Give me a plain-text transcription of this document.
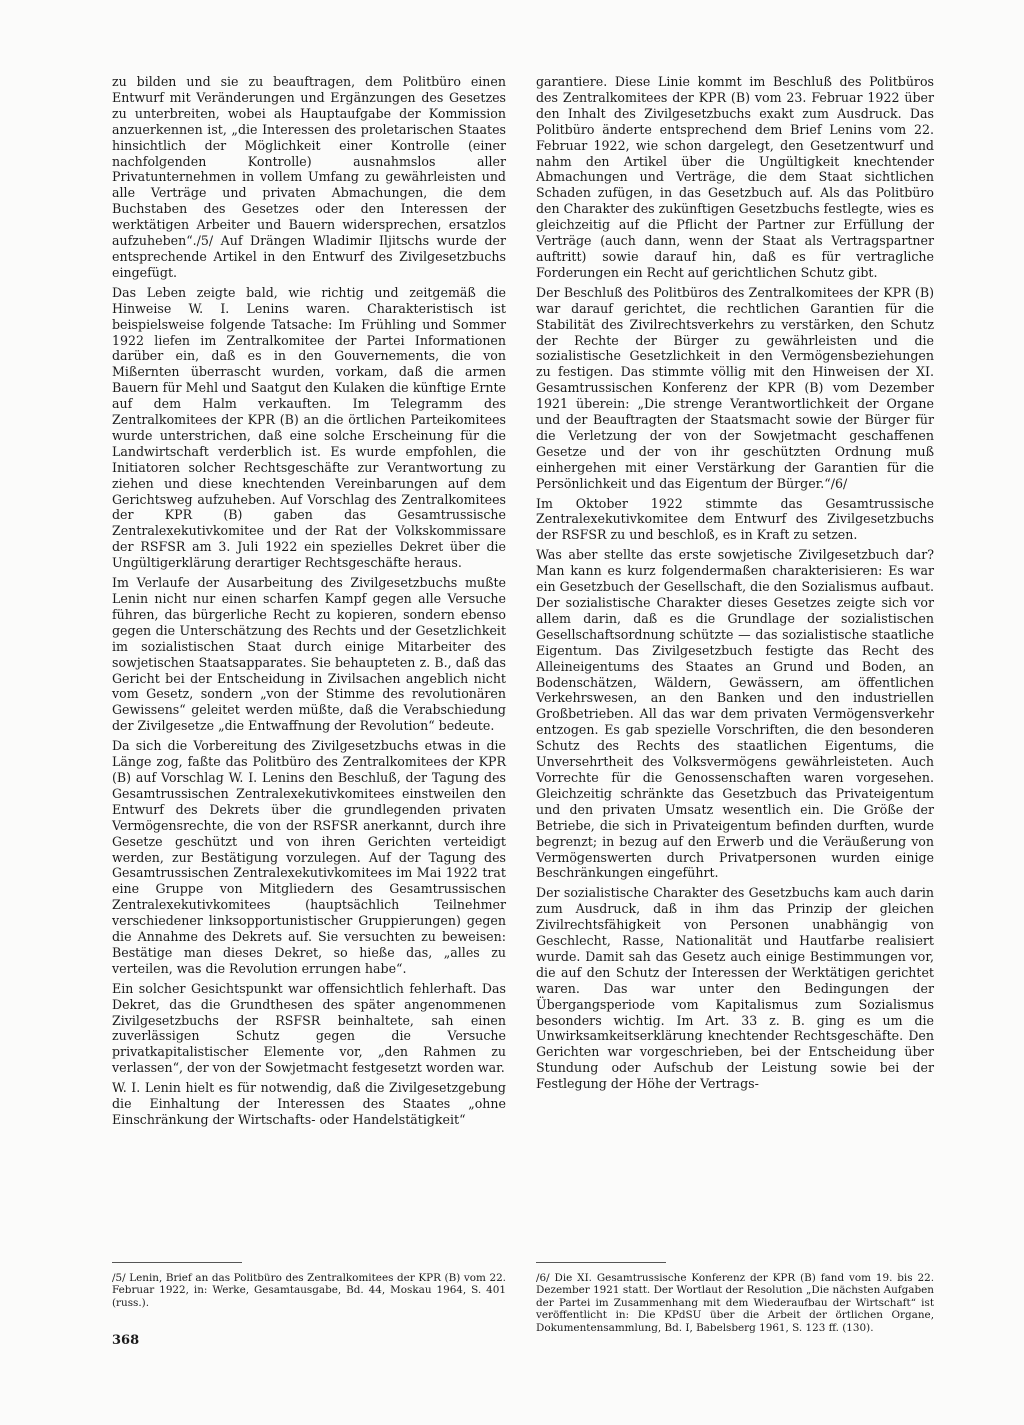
zu bilden und sie zu beauftragen, dem Politbüro einen Entwurf mit Veränderungen und Ergänzungen des Gesetzes zu unterbreiten, wobei als Hauptaufgabe der Kommission anzuerkennen ist, „die Interessen des proletarischen Staates hinsichtlich der Möglichkeit einer Kontrolle (einer nachfolgenden Kontrolle) ausnahmslos aller Privatunternehmen in vollem Umfang zu gewährleisten und alle Verträge und privaten Abmachungen, die dem Buchstaben des Gesetzes oder den Interessen der werktätigen Arbeiter und Bauern widersprechen, ersatzlos aufzuheben“./5/ Auf Drängen Wladimir Iljitschs wurde der entsprechende Artikel in den Entwurf des Zivilgesetzbuchs eingefügt.

Das Leben zeigte bald, wie richtig und zeitgemäß die Hinweise W. I. Lenins waren. Charakteristisch ist beispielsweise folgende Tatsache: Im Frühling und Sommer 1922 liefen im Zentralkomitee der Partei Informationen darüber ein, daß es in den Gouvernements, die von Mißernten überrascht wurden, vorkam, daß die armen Bauern für Mehl und Saatgut den Kulaken die künftige Ernte auf dem Halm verkauften. Im Telegramm des Zentralkomitees der KPR (B) an die örtlichen Parteikomitees wurde unterstrichen, daß eine solche Erscheinung für die Landwirtschaft verderblich ist. Es wurde empfohlen, die Initiatoren solcher Rechtsgeschäfte zur Verantwortung zu ziehen und diese knechtenden Vereinbarungen auf dem Gerichtsweg aufzuheben. Auf Vorschlag des Zentralkomitees der KPR (B) gaben das Gesamtrussische Zentralexekutivkomitee und der Rat der Volkskommissare der RSFSR am 3. Juli 1922 ein spezielles Dekret über die Ungültigerklärung derartiger Rechtsgeschäfte heraus.

Im Verlaufe der Ausarbeitung des Zivilgesetzbuchs mußte Lenin nicht nur einen scharfen Kampf gegen alle Versuche führen, das bürgerliche Recht zu kopieren, sondern ebenso gegen die Unterschätzung des Rechts und der Gesetzlichkeit im sozialistischen Staat durch einige Mitarbeiter des sowjetischen Staatsapparates. Sie behaupteten z. B., daß das Gericht bei der Entscheidung in Zivilsachen angeblich nicht vom Gesetz, sondern „von der Stimme des revolutionären Gewissens“ geleitet werden müßte, daß die Verabschiedung der Zivilgesetze „die Entwaffnung der Revolution“ bedeute.

Da sich die Vorbereitung des Zivilgesetzbuchs etwas in die Länge zog, faßte das Politbüro des Zentralkomitees der KPR (B) auf Vorschlag W. I. Lenins den Beschluß, der Tagung des Gesamtrussischen Zentralexekutivkomitees einstweilen den Entwurf des Dekrets über die grundlegenden privaten Vermögensrechte, die von der RSFSR anerkannt, durch ihre Gesetze geschützt und von ihren Gerichten verteidigt werden, zur Bestätigung vorzulegen. Auf der Tagung des Gesamtrussischen Zentralexekutivkomitees im Mai 1922 trat eine Gruppe von Mitgliedern des Gesamtrussischen Zentralexekutivkomitees (hauptsächlich Teilnehmer verschiedener linksopportunistischer Gruppierungen) gegen die Annahme des Dekrets auf. Sie versuchten zu beweisen: Bestätige man dieses Dekret, so hieße das, „alles zu verteilen, was die Revolution errungen habe“.

Ein solcher Gesichtspunkt war offensichtlich fehlerhaft. Das Dekret, das die Grundthesen des später angenommenen Zivilgesetzbuchs der RSFSR beinhaltete, sah einen zuverlässigen Schutz gegen die Versuche privatkapitalistischer Elemente vor, „den Rahmen zu verlassen“, der von der Sowjetmacht festgesetzt worden war.

W. I. Lenin hielt es für notwendig, daß die Zivilgesetzgebung die Einhaltung der Interessen des Staates „ohne Einschränkung der Wirtschafts- oder Handelstätigkeit“

garantiere. Diese Linie kommt im Beschluß des Politbüros des Zentralkomitees der KPR (B) vom 23. Februar 1922 über den Inhalt des Zivilgesetzbuchs exakt zum Ausdruck. Das Politbüro änderte entsprechend dem Brief Lenins vom 22. Februar 1922, wie schon dargelegt, den Gesetzentwurf und nahm den Artikel über die Ungültigkeit knechtender Abmachungen und Verträge, die dem Staat sichtlichen Schaden zufügen, in das Gesetzbuch auf. Als das Politbüro den Charakter des zukünftigen Gesetzbuchs festlegte, wies es gleichzeitig auf die Pflicht der Partner zur Erfüllung der Verträge (auch dann, wenn der Staat als Vertragspartner auftritt) sowie darauf hin, daß es für vertragliche Forderungen ein Recht auf gerichtlichen Schutz gibt.

Der Beschluß des Politbüros des Zentralkomitees der KPR (B) war darauf gerichtet, die rechtlichen Garantien für die Stabilität des Zivilrechtsverkehrs zu verstärken, den Schutz der Rechte der Bürger zu gewährleisten und die sozialistische Gesetzlichkeit in den Vermögensbeziehungen zu festigen. Das stimmte völlig mit den Hinweisen der XI. Gesamtrussischen Konferenz der KPR (B) vom Dezember 1921 überein: „Die strenge Verantwortlichkeit der Organe und der Beauftragten der Staatsmacht sowie der Bürger für die Verletzung der von der Sowjetmacht geschaffenen Gesetze und der von ihr geschützten Ordnung muß einhergehen mit einer Verstärkung der Garantien für die Persönlichkeit und das Eigentum der Bürger.“/6/

Im Oktober 1922 stimmte das Gesamtrussische Zentralexekutivkomitee dem Entwurf des Zivilgesetzbuchs der RSFSR zu und beschloß, es in Kraft zu setzen.

Was aber stellte das erste sowjetische Zivilgesetzbuch dar? Man kann es kurz folgendermaßen charakterisieren: Es war ein Gesetzbuch der Gesellschaft, die den Sozialismus aufbaut. Der sozialistische Charakter dieses Gesetzes zeigte sich vor allem darin, daß es die Grundlage der sozialistischen Gesellschaftsordnung schützte — das sozialistische staatliche Eigentum. Das Zivilgesetzbuch festigte das Recht des Alleineigentums des Staates an Grund und Boden, an Bodenschätzen, Wäldern, Gewässern, am öffentlichen Verkehrswesen, an den Banken und den industriellen Großbetrieben. All das war dem privaten Vermögensverkehr entzogen. Es gab spezielle Vorschriften, die den besonderen Schutz des Rechts des staatlichen Eigentums, die Unversehrtheit des Volksvermögens gewährleisteten. Auch Vorrechte für die Genossenschaften waren vorgesehen. Gleichzeitig schränkte das Gesetzbuch das Privateigentum und den privaten Umsatz wesentlich ein. Die Größe der Betriebe, die sich in Privateigentum befinden durften, wurde begrenzt; in bezug auf den Erwerb und die Veräußerung von Vermögenswerten durch Privatpersonen wurden einige Beschränkungen eingeführt.

Der sozialistische Charakter des Gesetzbuchs kam auch darin zum Ausdruck, daß in ihm das Prinzip der gleichen Zivilrechtsfähigkeit von Personen unabhängig von Geschlecht, Rasse, Nationalität und Hautfarbe realisiert wurde. Damit sah das Gesetz auch einige Bestimmungen vor, die auf den Schutz der Interessen der Werktätigen gerichtet waren. Das war unter den Bedingungen der Übergangsperiode vom Kapitalismus zum Sozialismus besonders wichtig. Im Art. 33 z. B. ging es um die Unwirksamkeitserklärung knechtender Rechtsgeschäfte. Den Gerichten war vorgeschrieben, bei der Entscheidung über Stundung oder Aufschub der Leistung sowie bei der Festlegung der Höhe der Vertrags-

/5/ Lenin, Brief an das Politbüro des Zentralkomitees der KPR (B) vom 22. Februar 1922, in: Werke, Gesamtausgabe, Bd. 44, Moskau 1964, S. 401 (russ.).

/6/ Die XI. Gesamtrussische Konferenz der KPR (B) fand vom 19. bis 22. Dezember 1921 statt. Der Wortlaut der Resolution „Die nächsten Aufgaben der Partei im Zusammenhang mit dem Wiederaufbau der Wirtschaft“ ist veröffentlicht in: Die KPdSU über die Arbeit der örtlichen Organe, Dokumentensammlung, Bd. I, Babelsberg 1961, S. 123 ff. (130).

368
